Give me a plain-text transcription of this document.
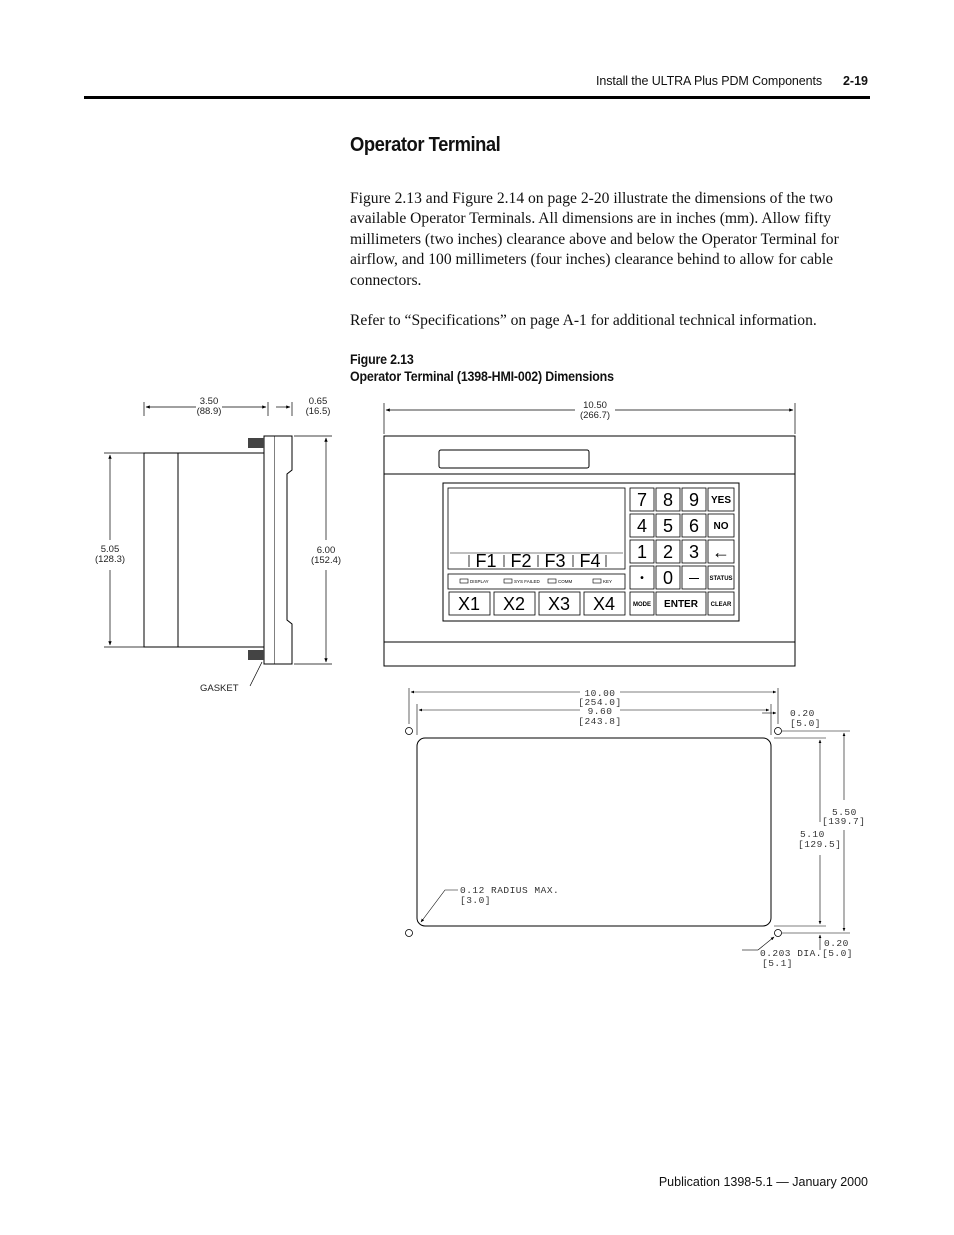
Install the ULTRA Plus PDM Components 2-19
Operator Terminal
Figure 2.13 and Figure 2.14 on page 2-20 illustrate the dimensions of the two available Operator Terminals. All dimensions are in inches (mm). Allow fifty millimeters (two inches) clearance above and below the Operator Terminal for airflow, and 100 millimeters (four inches) clearance behind to allow for cable connectors.
Refer to “Specifications” on page A-1 for additional technical information.
Figure 2.13
Operator Terminal (1398-HMI-002) Dimensions
3.50
(88.9)
0.65
(16.5)
5.05
(128.3)
6.00
(152.4)
GASKET
10.50
(266.7)
F1 F2 F3 F4
DISPLAY	SYS FAILED	COMM	KEY
X1 X2 X3 X4
7 8 9 YES
4 5 6 NO
1 2 3 ←
• 0 — STATUS
MODE ENTER CLEAR
10.00
[254.0]
9.60
[243.8]
0.20
[5.0]
5.50
[139.7]
5.10
[129.5]
0.12 RADIUS MAX.
[3.0]
0.20
0.203 DIA. [5.0]
[5.1]
Publication 1398-5.1 — January 2000
